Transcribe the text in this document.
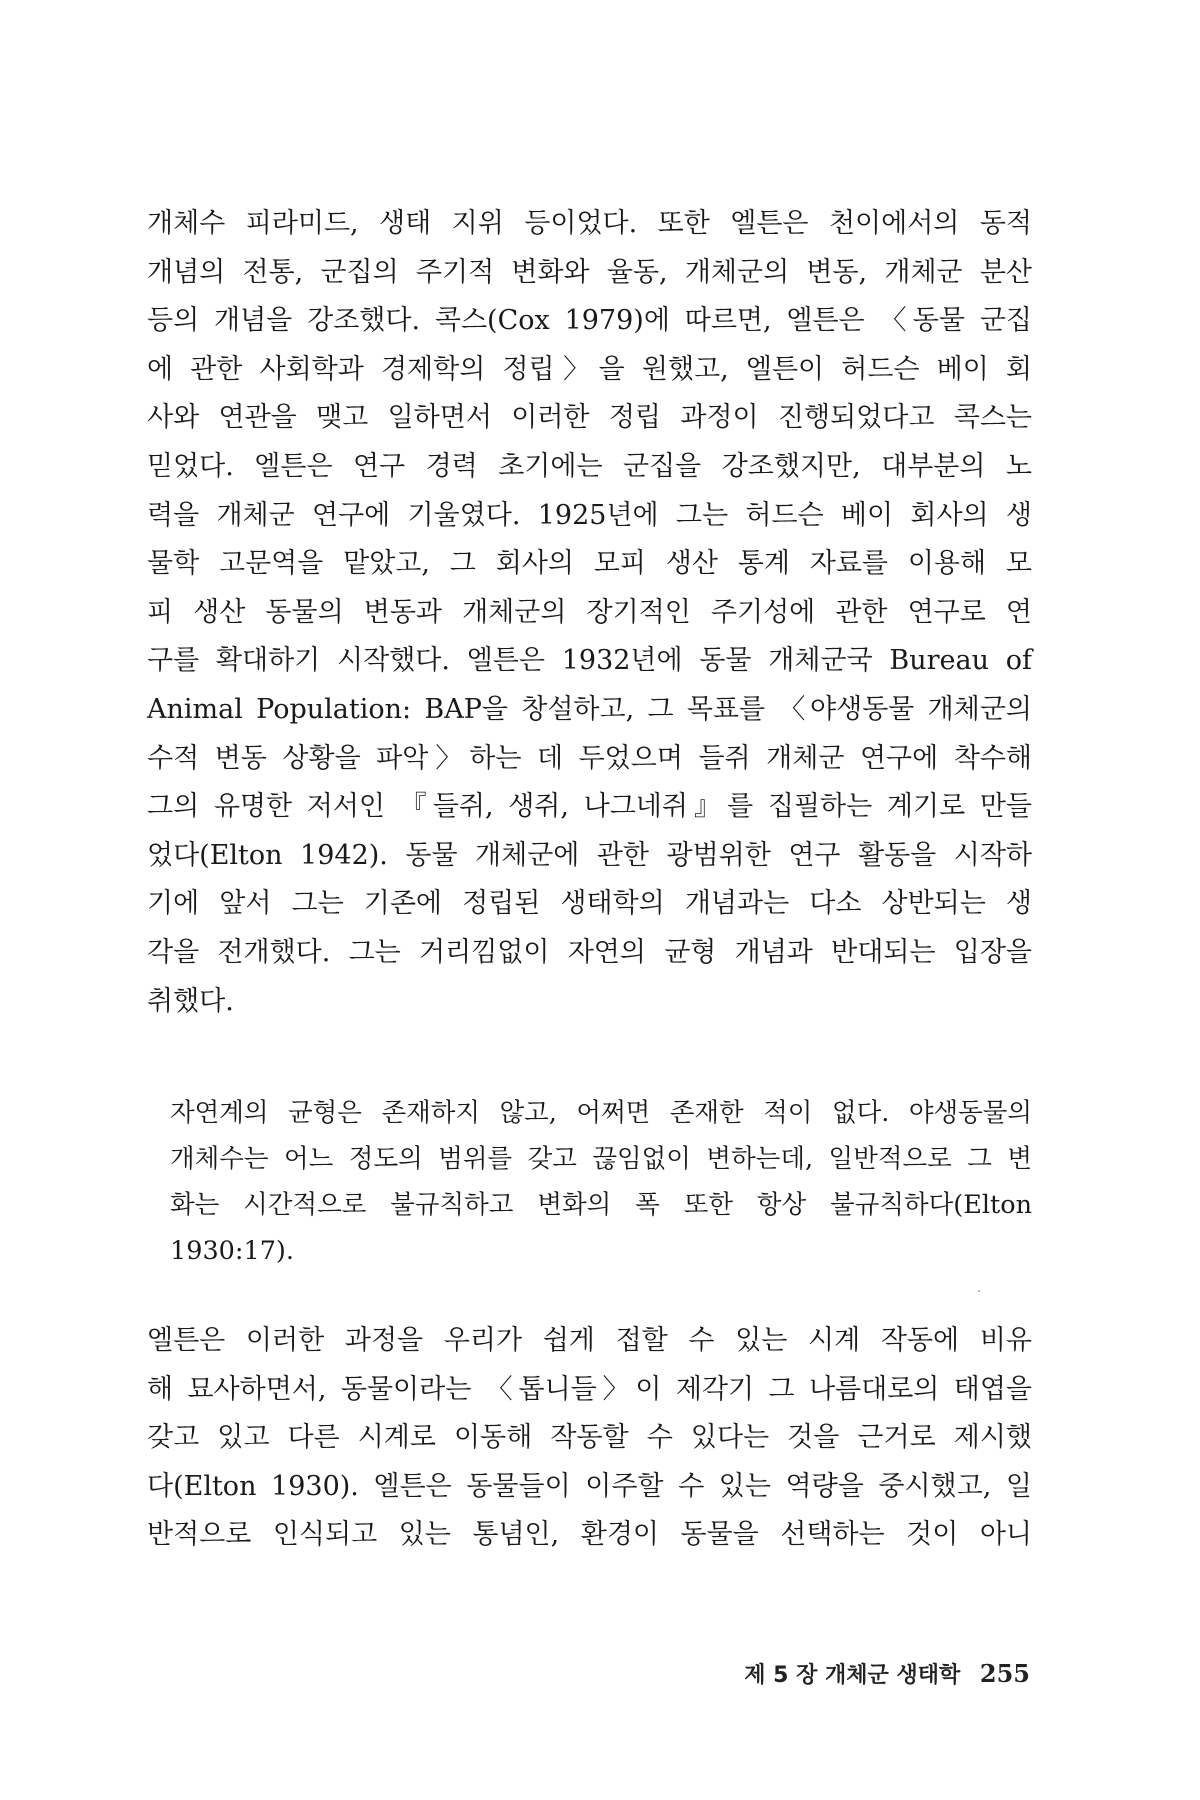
개체수 피라미드, 생태 지위 등이었다. 또한 엘튼은 천이에서의 동적
개념의 전통, 군집의 주기적 변화와 율동, 개체군의 변동, 개체군 분산
등의 개념을 강조했다. 콕스(Cox 1979)에 따르면, 엘튼은 〈동물 군집
에 관한 사회학과 경제학의 정립〉을 원했고, 엘튼이 허드슨 베이 회
사와 연관을 맺고 일하면서 이러한 정립 과정이 진행되었다고 콕스는
믿었다. 엘튼은 연구 경력 초기에는 군집을 강조했지만, 대부분의 노
력을 개체군 연구에 기울였다. 1925년에 그는 허드슨 베이 회사의 생
물학 고문역을 맡았고, 그 회사의 모피 생산 통계 자료를 이용해 모
피 생산 동물의 변동과 개체군의 장기적인 주기성에 관한 연구로 연
구를 확대하기 시작했다. 엘튼은 1932년에 동물 개체군국 Bureau of
Animal Population: BAP을 창설하고, 그 목표를 〈야생동물 개체군의
수적 변동 상황을 파악〉하는 데 두었으며 들쥐 개체군 연구에 착수해
그의 유명한 저서인 『들쥐, 생쥐, 나그네쥐』를 집필하는 계기로 만들
었다(Elton 1942). 동물 개체군에 관한 광범위한 연구 활동을 시작하
기에 앞서 그는 기존에 정립된 생태학의 개념과는 다소 상반되는 생
각을 전개했다. 그는 거리낌없이 자연의 균형 개념과 반대되는 입장을
취했다.
자연계의 균형은 존재하지 않고, 어쩌면 존재한 적이 없다. 야생동물의
개체수는 어느 정도의 범위를 갖고 끊임없이 변하는데, 일반적으로 그 변
화는 시간적으로 불규칙하고 변화의 폭 또한 항상 불규칙하다(Elton
1930:17).
엘튼은 이러한 과정을 우리가 쉽게 접할 수 있는 시계 작동에 비유
해 묘사하면서, 동물이라는 〈톱니들〉이 제각기 그 나름대로의 태엽을
갖고 있고 다른 시계로 이동해 작동할 수 있다는 것을 근거로 제시했
다(Elton 1930). 엘튼은 동물들이 이주할 수 있는 역량을 중시했고, 일
반적으로 인식되고 있는 통념인, 환경이 동물을 선택하는 것이 아니
제 5 장 개체군 생태학 255
